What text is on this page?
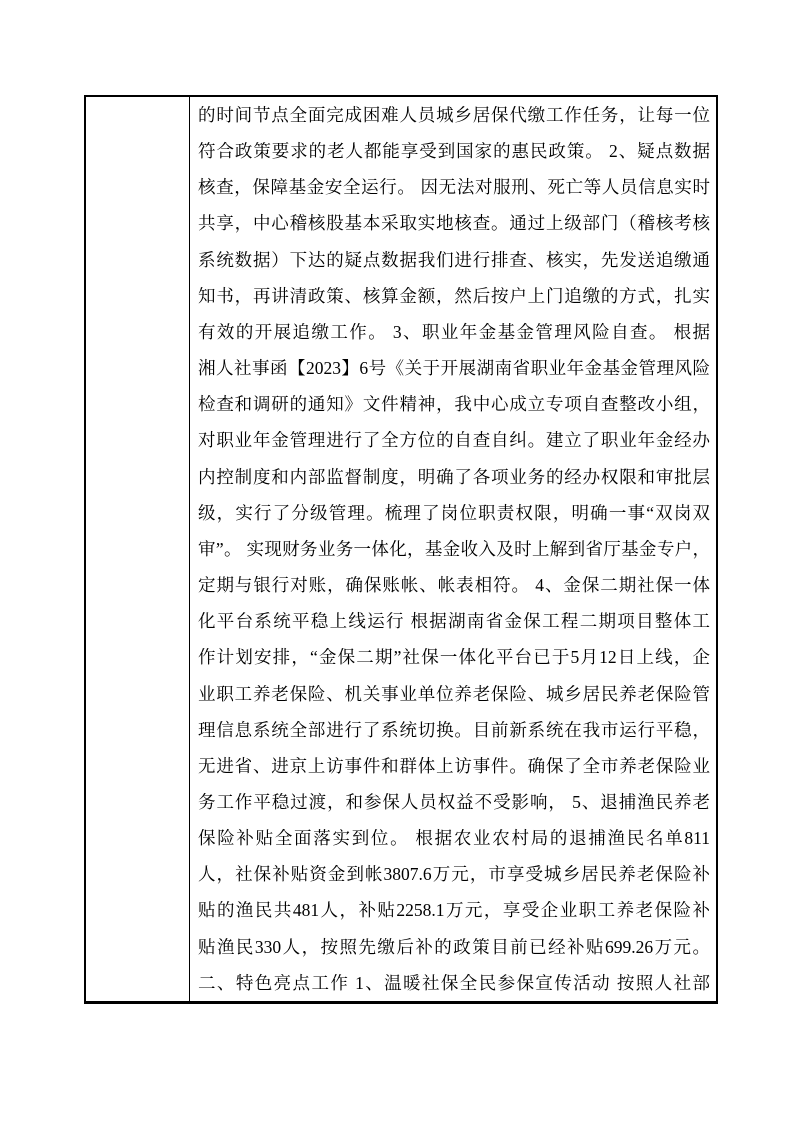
的时间节点全面完成困难人员城乡居保代缴工作任务，让每一位
符合政策要求的老人都能享受到国家的惠民政策。 2、疑点数据
核查，保障基金安全运行。 因无法对服刑、死亡等人员信息实时
共享，中心稽核股基本采取实地核查。通过上级部门（稽核考核
系统数据）下达的疑点数据我们进行排查、核实，先发送追缴通
知书，再讲清政策、核算金额，然后按户上门追缴的方式，扎实
有效的开展追缴工作。 3、职业年金基金管理风险自查。 根据
湘人社事函【2023】6号《关于开展湖南省职业年金基金管理风险
检查和调研的通知》文件精神，我中心成立专项自查整改小组，
对职业年金管理进行了全方位的自查自纠。建立了职业年金经办
内控制度和内部监督制度，明确了各项业务的经办权限和审批层
级，实行了分级管理。梳理了岗位职责权限，明确一事“双岗双
审”。 实现财务业务一体化，基金收入及时上解到省厅基金专户，
定期与银行对账，确保账帐、帐表相符。 4、金保二期社保一体
化平台系统平稳上线运行 根据湖南省金保工程二期项目整体工
作计划安排，“金保二期”社保一体化平台已于5月12日上线，企
业职工养老保险、机关事业单位养老保险、城乡居民养老保险管
理信息系统全部进行了系统切换。目前新系统在我市运行平稳，
无进省、进京上访事件和群体上访事件。确保了全市养老保险业
务工作平稳过渡，和参保人员权益不受影响， 5、退捕渔民养老
保险补贴全面落实到位。 根据农业农村局的退捕渔民名单811
人，社保补贴资金到帐3807.6万元，市享受城乡居民养老保险补
贴的渔民共481人，补贴2258.1万元，享受企业职工养老保险补
贴渔民330人，按照先缴后补的政策目前已经补贴699.26万元。
二、特色亮点工作 1、温暖社保全民参保宣传活动 按照人社部
